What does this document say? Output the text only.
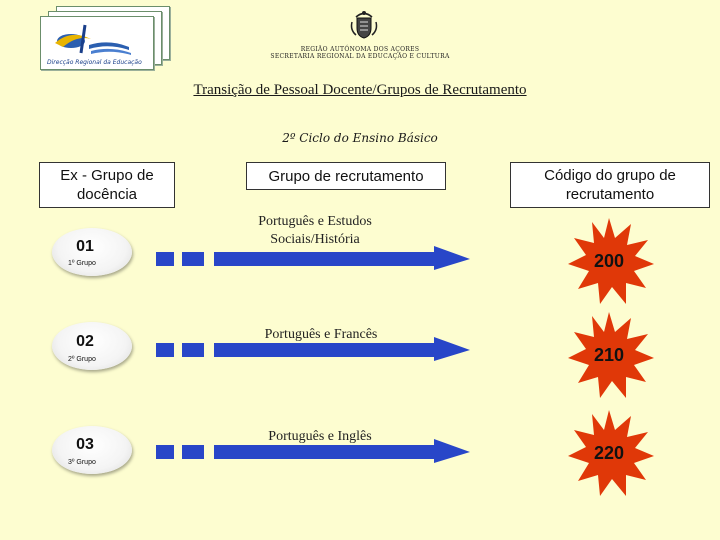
Direcção Regional da Educação
REGIÃO AUTÓNOMA DOS AÇORES
SECRETARIA REGIONAL DA EDUCAÇÃO E CULTURA
Transição de Pessoal Docente/Grupos de Recrutamento
2º Ciclo do Ensino Básico
Ex - Grupo de docência
Grupo de recrutamento	Código do grupo de recrutamento
01
1º Grupo
Português e Estudos Sociais/História
200
02
2º Grupo
Português e Francês
210
03
3º Grupo
Português e Inglês
220
